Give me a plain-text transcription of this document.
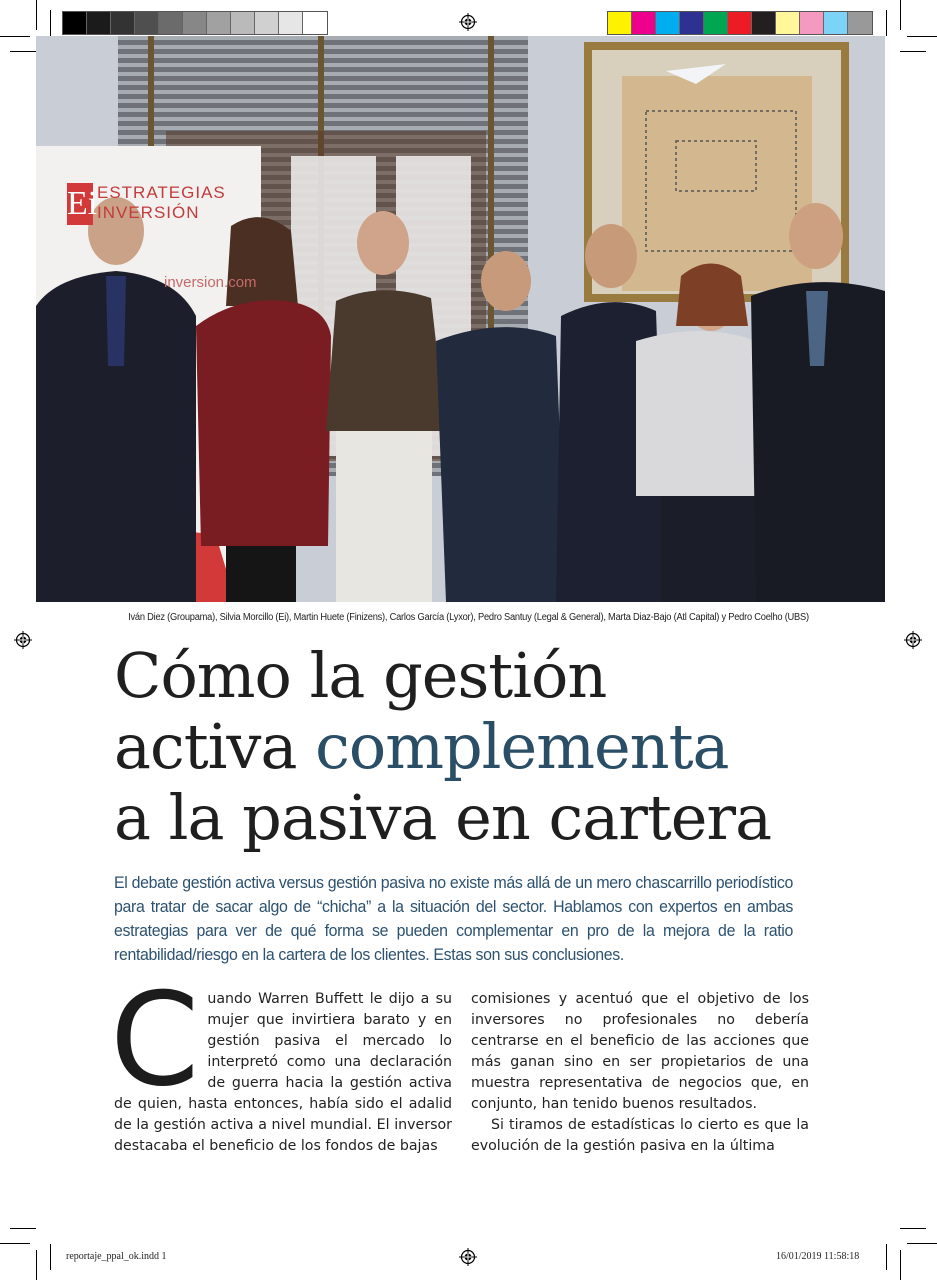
Ei ESTRATEGIAS
INVERSIÓN
inversion.com
Iván Diez (Groupama), Silvia Morcillo (Ei), Martin Huete (Finizens), Carlos García (Lyxor), Pedro Santuy (Legal & General), Marta Diaz-Bajo (Atl Capital) y Pedro Coelho (UBS)
Cómo la gestión
activa complementa
a la pasiva en cartera
El debate gestión activa versus gestión pasiva no existe más allá de un mero chascarrillo periodístico para tratar de sacar algo de “chicha” a la situación del sector. Hablamos con expertos en ambas estrategias para ver de qué forma se pueden complementar en pro de la mejora de la ratio rentabilidad/riesgo en la cartera de los clientes. Estas son sus conclusiones.
C uando Warren Buffett le dijo a su mujer que invirtiera barato y en gestión pasiva el mercado lo interpretó como una declaración de guerra hacia la gestión activa de quien, hasta entonces, había sido el adalid de la gestión activa a nivel mundial. El inversor destacaba el beneficio de los fondos de bajas

comisiones y acentuó que el objetivo de los inversores no profesionales no debería centrarse en el beneficio de las acciones que más ganan sino en ser propietarios de una muestra representativa de negocios que, en conjunto, han tenido buenos resultados.

Si tiramos de estadísticas lo cierto es que la evolución de la gestión pasiva en la última

reportaje_ppal_ok.indd 1	16/01/2019 11:58:18
